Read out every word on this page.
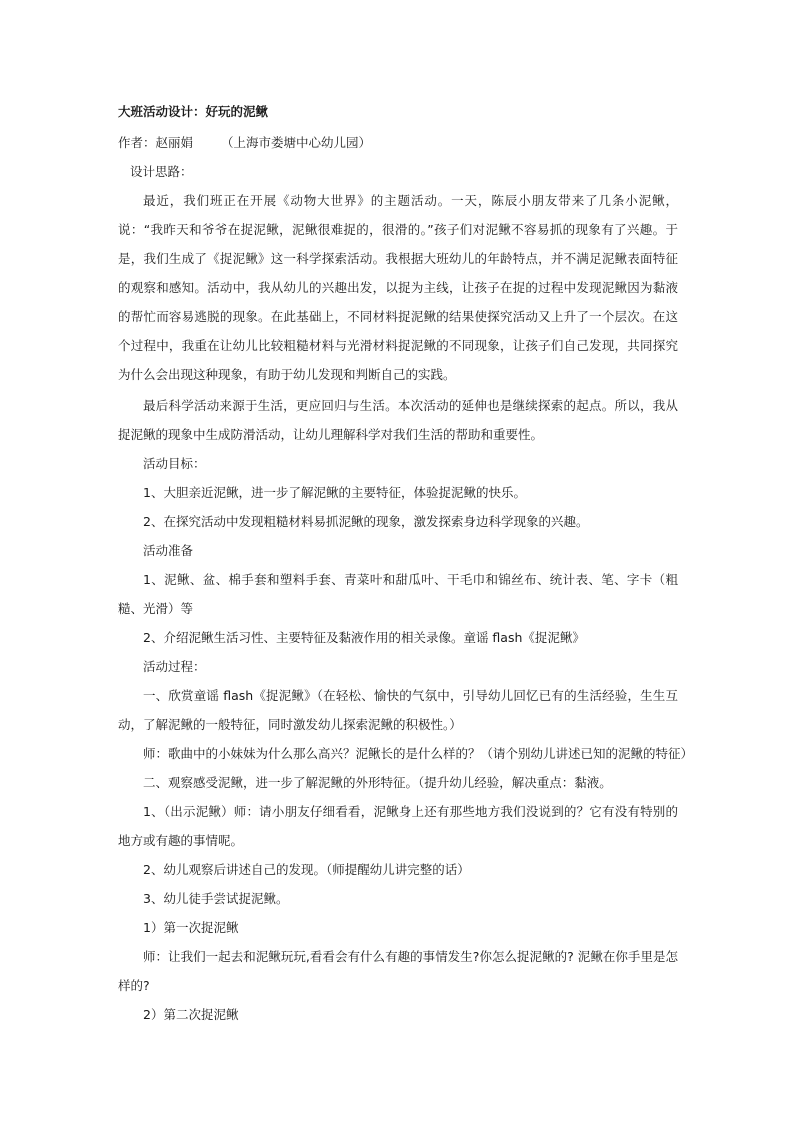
大班活动设计：好玩的泥鳅
作者：赵丽娟 （上海市娄塘中心幼儿园）
设计思路：
最近，我们班正在开展《动物大世界》的主题活动。一天，陈辰小朋友带来了几条小泥鳅，说：“我昨天和爷爷在捉泥鳅，泥鳅很难捉的，很滑的。”孩子们对泥鳅不容易抓的现象有了兴趣。于是，我们生成了《捉泥鳅》这一科学探索活动。我根据大班幼儿的年龄特点，并不满足泥鳅表面特征的观察和感知。活动中，我从幼儿的兴趣出发，以捉为主线，让孩子在捉的过程中发现泥鳅因为黏液的帮忙而容易逃脱的现象。在此基础上，不同材料捉泥鳅的结果使探究活动又上升了一个层次。在这个过程中，我重在让幼儿比较粗糙材料与光滑材料捉泥鳅的不同现象，让孩子们自己发现，共同探究为什么会出现这种现象，有助于幼儿发现和判断自己的实践。
最后科学活动来源于生活，更应回归与生活。本次活动的延伸也是继续探索的起点。所以，我从捉泥鳅的现象中生成防滑活动，让幼儿理解科学对我们生活的帮助和重要性。
活动目标：
1、大胆亲近泥鳅，进一步了解泥鳅的主要特征，体验捉泥鳅的快乐。
2、在探究活动中发现粗糙材料易抓泥鳅的现象，激发探索身边科学现象的兴趣。
活动准备
1、泥鳅、盆、棉手套和塑料手套、青菜叶和甜瓜叶、干毛巾和锦丝布、统计表、笔、字卡（粗糙、光滑）等
2、介绍泥鳅生活习性、主要特征及黏液作用的相关录像。童谣 flash《捉泥鳅》
活动过程：
一、欣赏童谣 flash《捉泥鳅》（在轻松、愉快的气氛中，引导幼儿回忆已有的生活经验，生生互动，了解泥鳅的一般特征，同时激发幼儿探索泥鳅的积极性。）
师：歌曲中的小妹妹为什么那么高兴？泥鳅长的是什么样的？（请个别幼儿讲述已知的泥鳅的特征）
二、观察感受泥鳅，进一步了解泥鳅的外形特征。（提升幼儿经验，解决重点：黏液。
1、（出示泥鳅）师：请小朋友仔细看看，泥鳅身上还有那些地方我们没说到的？它有没有特别的地方或有趣的事情呢。
2、幼儿观察后讲述自己的发现。（师提醒幼儿讲完整的话）
3、幼儿徒手尝试捉泥鳅。
1）第一次捉泥鳅
师：让我们一起去和泥鳅玩玩,看看会有什么有趣的事情发生?你怎么捉泥鳅的? 泥鳅在你手里是怎样的?
2）第二次捉泥鳅
